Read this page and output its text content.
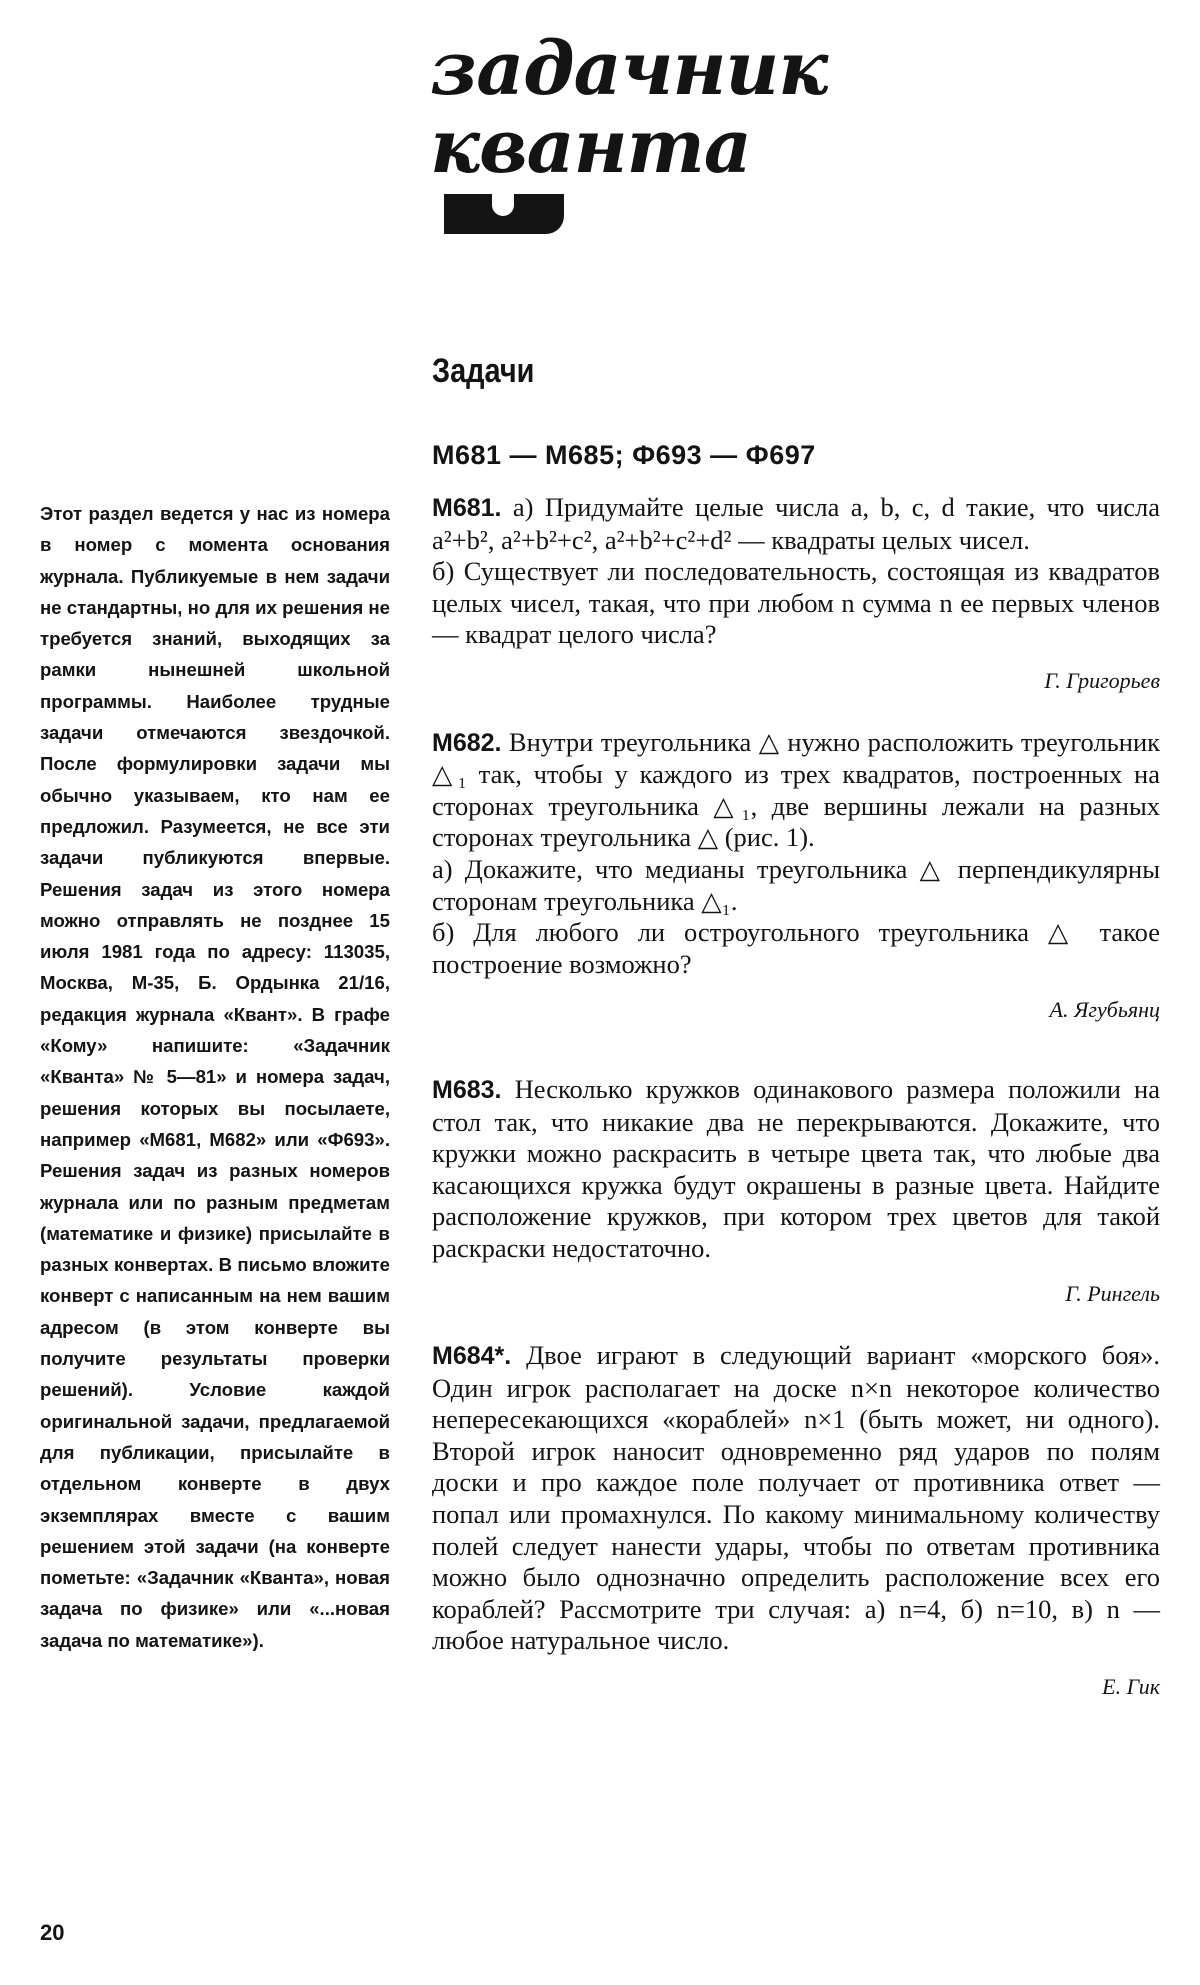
задачник
кванта
Задачи
М681 — М685; Ф693 — Ф697
Этот раздел ведется у нас из номера в номер с момента основания журнала. Публикуемые в нем задачи не стандартны, но для их решения не требуется знаний, выходящих за рамки нынешней школьной программы. Наиболее трудные задачи отмечаются звездочкой. После формулировки задачи мы обычно указываем, кто нам ее предложил. Разумеется, не все эти задачи публикуются впервые. Решения задач из этого номера можно отправлять не позднее 15 июля 1981 года по адресу: 113035, Москва, М-35, Б. Ордынка 21/16, редакция журнала «Квант». В графе «Кому» напишите: «Задачник «Кванта» № 5—81» и номера задач, решения которых вы посылаете, например «М681, М682» или «Ф693». Решения задач из разных номеров журнала или по разным предметам (математике и физике) присылайте в разных конвертах. В письмо вложите конверт с написанным на нем вашим адресом (в этом конверте вы получите результаты проверки решений). Условие каждой оригинальной задачи, предлагаемой для публикации, присылайте в отдельном конверте в двух экземплярах вместе с вашим решением этой задачи (на конверте пометьте: «Задачник «Кванта», новая задача по физике» или «...новая задача по математике»).
М681. а) Придумайте целые числа a, b, c, d такие, что числа a²+b², a²+b²+c², a²+b²+c²+d² — квадраты целых чисел.
б) Существует ли последовательность, состоящая из квадратов целых чисел, такая, что при любом n сумма n ее первых членов — квадрат целого числа?
Г. Григорьев
М682. Внутри треугольника △ нужно расположить треугольник △₁ так, чтобы у каждого из трех квадратов, построенных на сторонах треугольника △₁, две вершины лежали на разных сторонах треугольника △ (рис. 1).
а) Докажите, что медианы треугольника △ перпендикулярны сторонам треугольника △₁.
б) Для любого ли остроугольного треугольника △ такое построение возможно?
А. Ягубьянц
М683. Несколько кружков одинакового размера положили на стол так, что никакие два не перекрываются. Докажите, что кружки можно раскрасить в четыре цвета так, что любые два касающихся кружка будут окрашены в разные цвета. Найдите расположение кружков, при котором трех цветов для такой раскраски недостаточно.
Г. Рингель
М684*. Двое играют в следующий вариант «морского боя». Один игрок располагает на доске n×n некоторое количество непересекающихся «кораблей» n×1 (быть может, ни одного). Второй игрок наносит одновременно ряд ударов по полям доски и про каждое поле получает от противника ответ — попал или промахнулся. По какому минимальному количеству полей следует нанести удары, чтобы по ответам противника можно было однозначно определить расположение всех его кораблей? Рассмотрите три случая: а) n=4, б) n=10, в) n — любое натуральное число.
Е. Гик
20
